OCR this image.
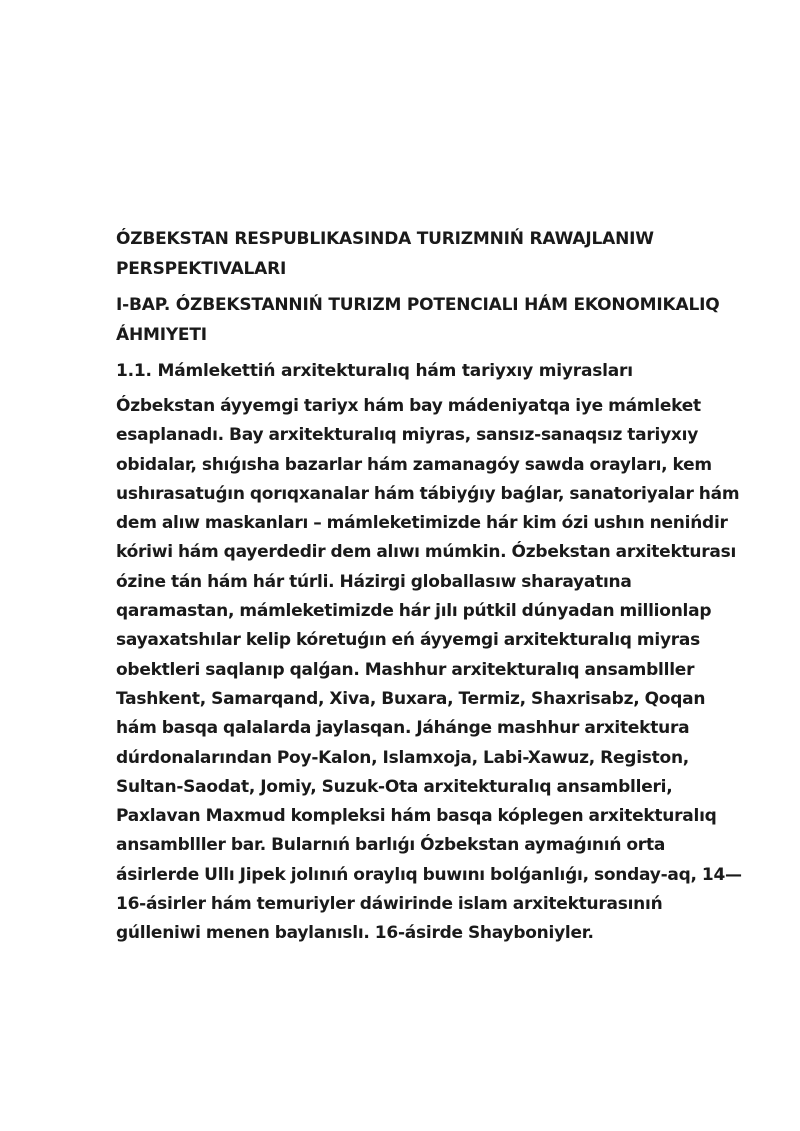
ÓZBEKSTAN RESPUBLIKASINDA TURIZMNIŃ RAWAJLANIW PERSPEKTIVALARI

I-BAP. ÓZBEKSTANNIŃ TURIZM POTENCIALI HÁM EKONOMIKALIQ ÁHMIYETI

1.1. Mámlekettiń arxitekturalıq hám tariyxıy miyrasları

Ózbekstan áyyemgi tariyx hám bay mádeniyatqa iye mámleket esaplanadı. Bay arxitekturalıq miyras, sansız-sanaqsız tariyxıy obidalar, shıǵısha bazarlar hám zamanagóy sawda orayları, kem ushırasatuǵın qorıqxanalar hám tábiyǵıy baǵlar, sanatoriyalar hám dem alıw maskanları – mámleketimizde hár kim ózi ushın nenińdir kóriwi hám qayerdedir dem alıwı múmkin. Ózbekstan arxitekturası ózine tán hám hár túrli. Házirgi globallasıw sharayatına qaramastan, mámleketimizde hár jılı pútkil dúnyadan millionlap sayaxatshılar kelip kóretuǵın eń áyyemgi arxitekturalıq miyras obektleri saqlanıp qalǵan. Mashhur arxitekturalıq ansamblller Tashkent, Samarqand, Xiva, Buxara, Termiz, Shaxrisabz, Qoqan hám basqa qalalarda jaylasqan. Jáhánge mashhur arxitektura dúrdonalarından Poy-Kalon, Islamxoja, Labi-Xawuz, Registon, Sultan-Saodat, Jomiy, Suzuk-Ota arxitekturalıq ansamblleri, Paxlavan Maxmud kompleksi hám basqa kóplegen arxitekturalıq ansamblller bar. Bularnıń barlıǵı Ózbekstan aymaǵınıń orta ásirlerde Ullı Jipek jolınıń oraylıq buwını bolǵanlıǵı, sonday-aq, 14—16-ásirler hám temuriyler dáwirinde islam arxitekturasınıń gúlleniwi menen baylanıslı. 16-ásirde Shayboniyler.
